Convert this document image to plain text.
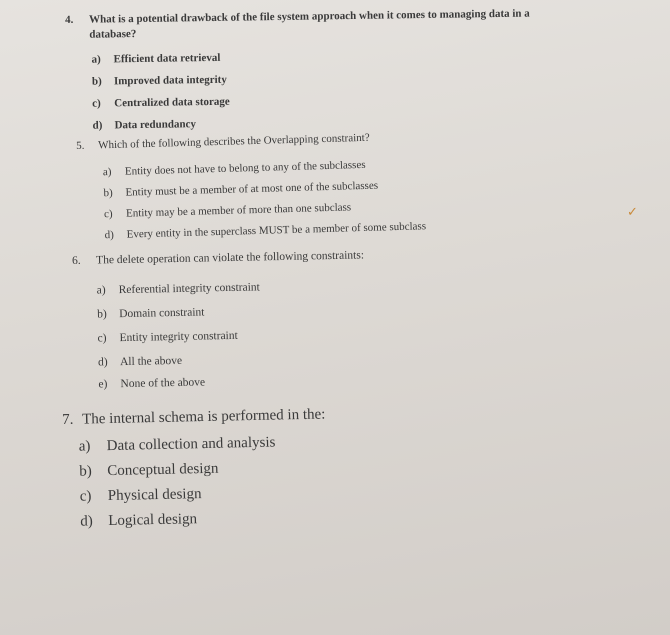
4. What is a potential drawback of the file system approach when it comes to managing data in a
database?
a) Efficient data retrieval
b) Improved data integrity
c) Centralized data storage
d) Data redundancy
5. Which of the following describes the Overlapping constraint?
a) Entity does not have to belong to any of the subclasses
b) Entity must be a member of at most one of the subclasses
c) Entity may be a member of more than one subclass
d) Every entity in the superclass MUST be a member of some subclass
6. The delete operation can violate the following constraints:
a) Referential integrity constraint
b) Domain constraint
c) Entity integrity constraint
d) All the above
e) None of the above
7. The internal schema is performed in the:
a) Data collection and analysis
b) Conceptual design
c) Physical design
d) Logical design
✓
